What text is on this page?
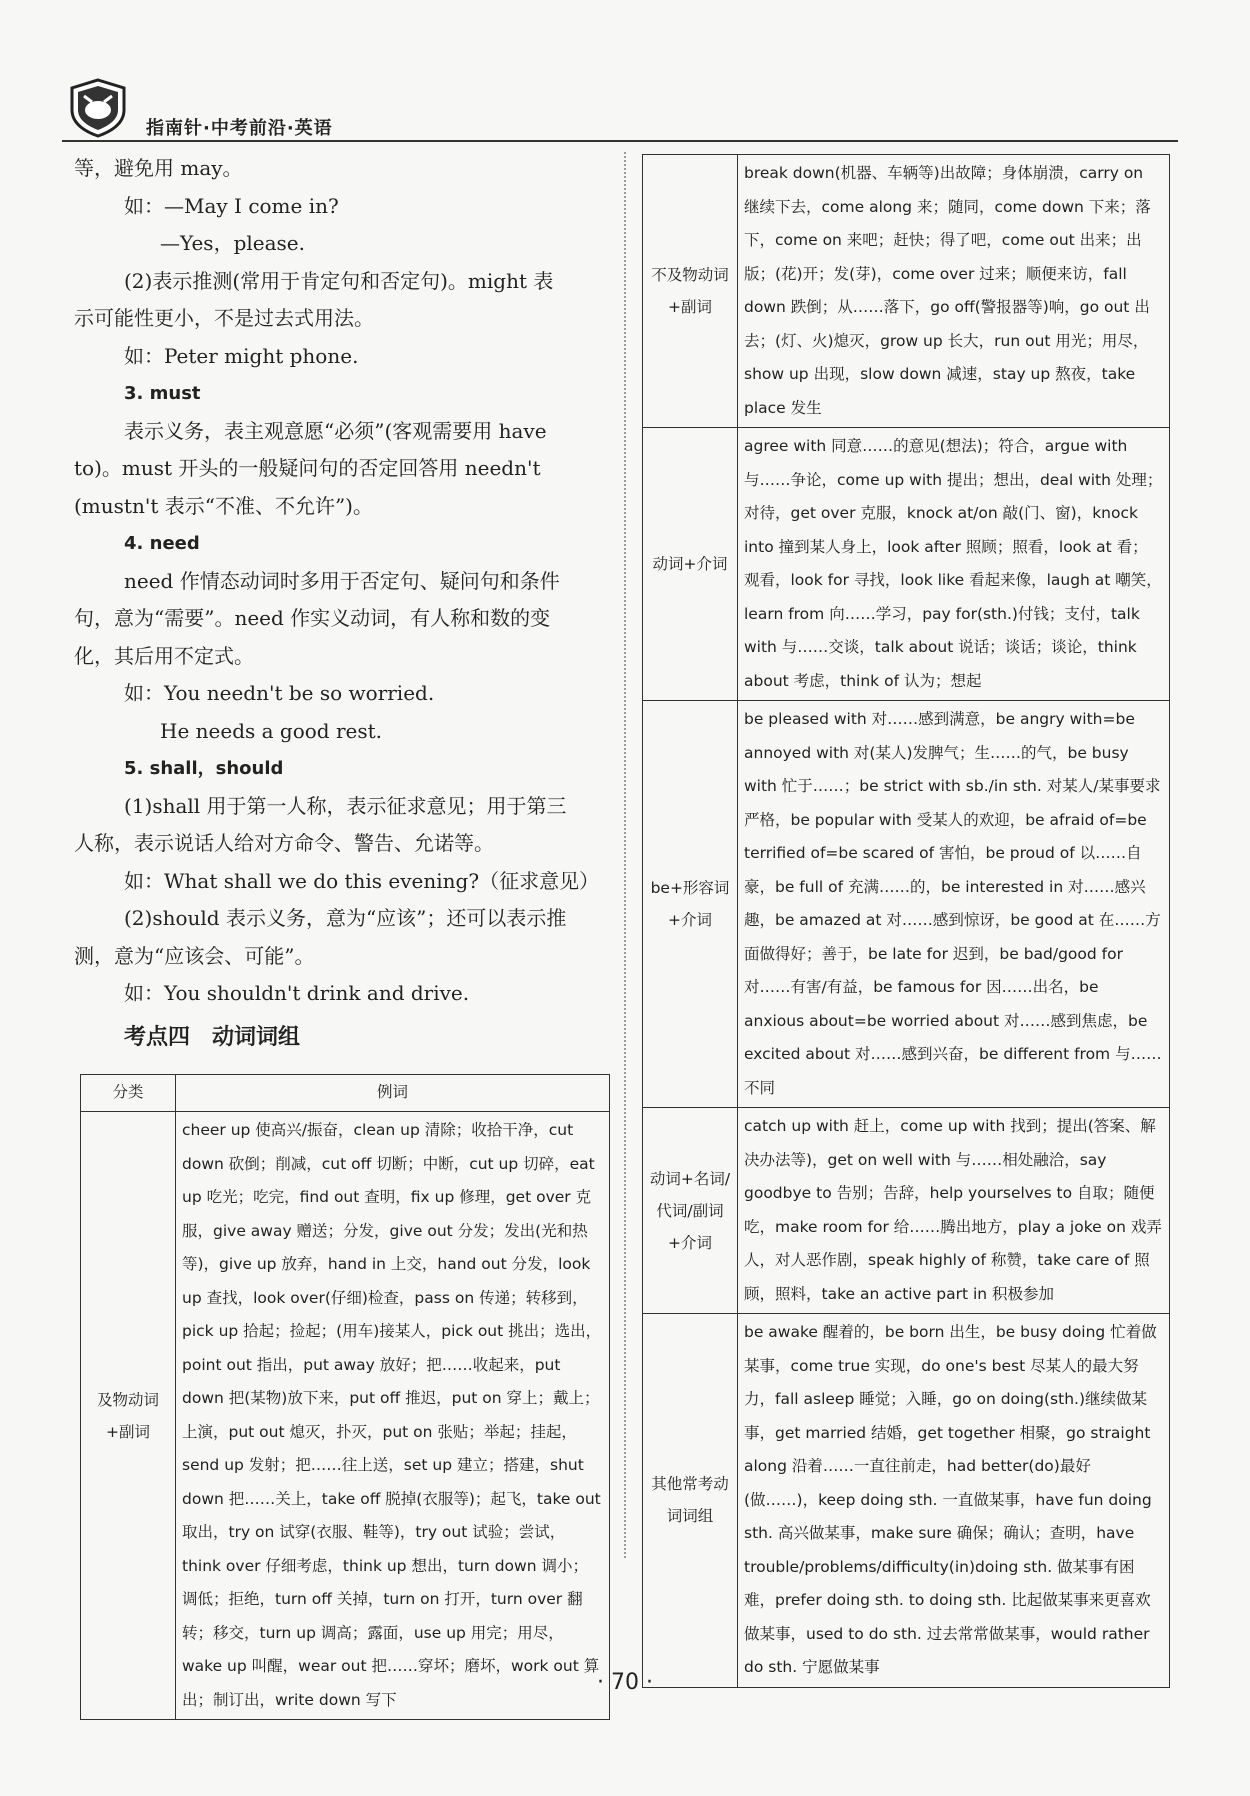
指南针·中考前沿·英语

等，避免用 may。

如：—May I come in?

—Yes，please.

(2)表示推测(常用于肯定句和否定句)。might 表

示可能性更小，不是过去式用法。

如：Peter might phone.

3. must

表示义务，表主观意愿“必须”(客观需要用 have

to)。must 开头的一般疑问句的否定回答用 needn't

(mustn't 表示“不准、不允许”)。

4. need

need 作情态动词时多用于否定句、疑问句和条件

句，意为“需要”。need 作实义动词，有人称和数的变

化，其后用不定式。

如：You needn't be so worried.

He needs a good rest.

5. shall，should

(1)shall 用于第一人称，表示征求意见；用于第三

人称，表示说话人给对方命令、警告、允诺等。

如：What shall we do this evening?（征求意见）

(2)should 表示义务，意为“应该”；还可以表示推

测，意为“应该会、可能”。

如：You shouldn't drink and drive.

考点四　动词词组

分类	例词
及物动词+副词	cheer up 使高兴/振奋，clean up 清除；收拾干净，cut down 砍倒；削减，cut off 切断；中断，cut up 切碎，eat up 吃光；吃完，find out 查明，fix up 修理，get over 克服，give away 赠送；分发，give out 分发；发出(光和热等)，give up 放弃，hand in 上交，hand out 分发，look up 查找，look over(仔细)检查，pass on 传递；转移到，pick up 拾起；捡起；(用车)接某人，pick out 挑出；选出，point out 指出，put away 放好；把……收起来，put down 把(某物)放下来，put off 推迟，put on 穿上；戴上；上演，put out 熄灭，扑灭，put on 张贴；举起；挂起，send up 发射；把……往上送，set up 建立；搭建，shut down 把……关上，take off 脱掉(衣服等)；起飞，take out 取出，try on 试穿(衣服、鞋等)，try out 试验；尝试，think over 仔细考虑，think up 想出，turn down 调小；调低；拒绝，turn off 关掉，turn on 打开，turn over 翻转；移交，turn up 调高；露面，use up 用完；用尽，wake up 叫醒，wear out 把……穿坏；磨坏，work out 算出；制订出，write down 写下
不及物动词+副词	break down(机器、车辆等)出故障；身体崩溃，carry on 继续下去，come along 来；随同，come down 下来；落下，come on 来吧；赶快；得了吧，come out 出来；出版；(花)开；发(芽)，come over 过来；顺便来访，fall down 跌倒；从……落下，go off(警报器等)响，go out 出去；(灯、火)熄灭，grow up 长大，run out 用光；用尽，show up 出现，slow down 减速，stay up 熬夜，take place 发生
动词+介词	agree with 同意……的意见(想法)；符合，argue with 与……争论，come up with 提出；想出，deal with 处理；对待，get over 克服，knock at/on 敲(门、窗)，knock into 撞到某人身上，look after 照顾；照看，look at 看；观看，look for 寻找，look like 看起来像，laugh at 嘲笑，learn from 向……学习，pay for(sth.)付钱；支付，talk with 与……交谈，talk about 说话；谈话；谈论，think about 考虑，think of 认为；想起
be+形容词+介词	be pleased with 对……感到满意，be angry with=be annoyed with 对(某人)发脾气；生……的气，be busy with 忙于……；be strict with sb./in sth. 对某人/某事要求严格，be popular with 受某人的欢迎，be afraid of=be terrified of=be scared of 害怕，be proud of 以……自豪，be full of 充满……的，be interested in 对……感兴趣，be amazed at 对……感到惊讶，be good at 在……方面做得好；善于，be late for 迟到，be bad/good for 对……有害/有益，be famous for 因……出名，be anxious about=be worried about 对……感到焦虑，be excited about 对……感到兴奋，be different from 与……不同
动词+名词/代词/副词+介词	catch up with 赶上，come up with 找到；提出(答案、解决办法等)，get on well with 与……相处融洽，say goodbye to 告别；告辞，help yourselves to 自取；随便吃，make room for 给……腾出地方，play a joke on 戏弄人，对人恶作剧，speak highly of 称赞，take care of 照顾，照料，take an active part in 积极参加
其他常考动词词组	be awake 醒着的，be born 出生，be busy doing 忙着做某事，come true 实现，do one's best 尽某人的最大努力，fall asleep 睡觉；入睡，go on doing(sth.)继续做某事，get married 结婚，get together 相聚，go straight along 沿着……一直往前走，had better(do)最好(做……)，keep doing sth. 一直做某事，have fun doing sth. 高兴做某事，make sure 确保；确认；查明，have trouble/problems/difficulty(in)doing sth. 做某事有困难，prefer doing sth. to doing sth. 比起做某事来更喜欢做某事，used to do sth. 过去常常做某事，would rather do sth. 宁愿做某事
· 70 ·
